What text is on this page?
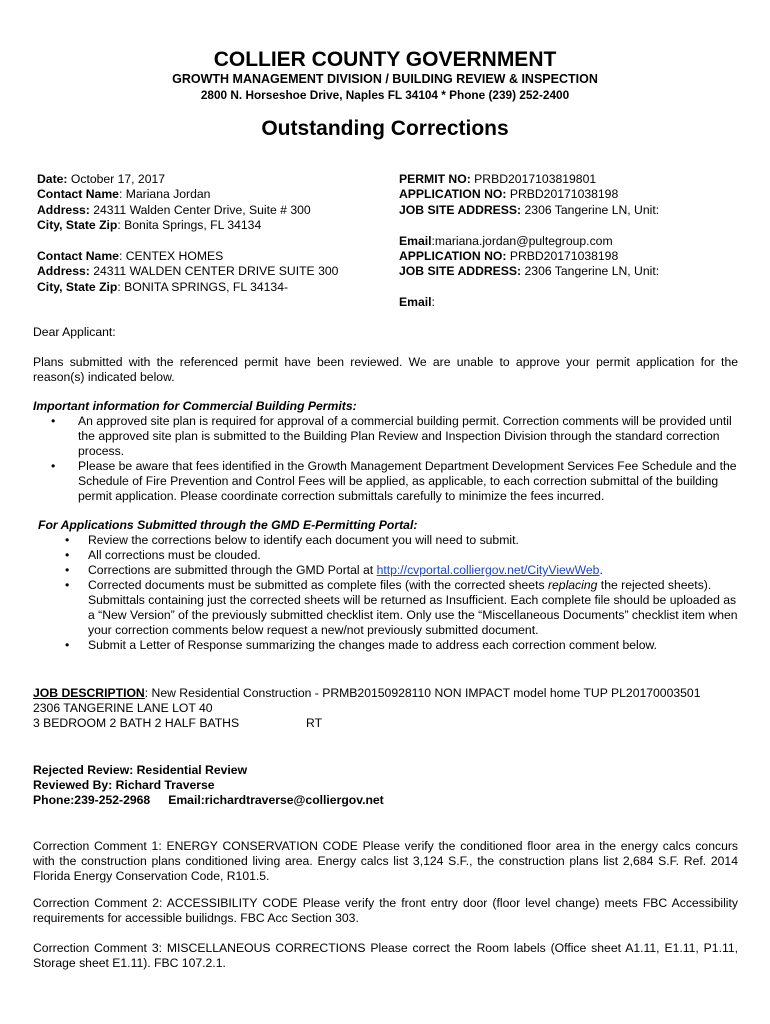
COLLIER COUNTY GOVERNMENT
GROWTH MANAGEMENT DIVISION / BUILDING REVIEW & INSPECTION
2800 N. Horseshoe Drive, Naples FL 34104 * Phone (239) 252-2400
Outstanding Corrections
Date: October 17, 2017
Contact Name: Mariana Jordan
Address: 24311 Walden Center Drive, Suite # 300
City, State Zip: Bonita Springs, FL 34134
Contact Name: CENTEX HOMES
Address: 24311 WALDEN CENTER DRIVE SUITE 300
City, State Zip: BONITA SPRINGS, FL 34134-
PERMIT NO: PRBD2017103819801
APPLICATION NO: PRBD20171038198
JOB SITE ADDRESS: 2306 Tangerine LN, Unit:
Email:mariana.jordan@pultegroup.com
APPLICATION NO: PRBD20171038198
JOB SITE ADDRESS: 2306 Tangerine LN, Unit:
Email:
Dear Applicant:
Plans submitted with the referenced permit have been reviewed. We are unable to approve your permit application for the reason(s) indicated below.
Important information for Commercial Building Permits:
• An approved site plan is required for approval of a commercial building permit. Correction comments will be provided until the approved site plan is submitted to the Building Plan Review and Inspection Division through the standard correction process.
• Please be aware that fees identified in the Growth Management Department Development Services Fee Schedule and the Schedule of Fire Prevention and Control Fees will be applied, as applicable, to each correction submittal of the building permit application. Please coordinate correction submittals carefully to minimize the fees incurred.
For Applications Submitted through the GMD E-Permitting Portal:
• Review the corrections below to identify each document you will need to submit.
• All corrections must be clouded.
• Corrections are submitted through the GMD Portal at http://cvportal.colliergov.net/CityViewWeb.
• Corrected documents must be submitted as complete files (with the corrected sheets replacing the rejected sheets). Submittals containing just the corrected sheets will be returned as Insufficient. Each complete file should be uploaded as a “New Version” of the previously submitted checklist item. Only use the “Miscellaneous Documents” checklist item when your correction comments below request a new/not previously submitted document.
• Submit a Letter of Response summarizing the changes made to address each correction comment below.
JOB DESCRIPTION: New Residential Construction - PRMB20150928110 NON IMPACT model home TUP PL20170003501
2306 TANGERINE LANE LOT 40
3 BEDROOM 2 BATH 2 HALF BATHS	RT
Rejected Review: Residential Review
Reviewed By: Richard Traverse
Phone:239-252-2968 Email:richardtraverse@colliergov.net
Correction Comment 1: ENERGY CONSERVATION CODE Please verify the conditioned floor area in the energy calcs concurs with the construction plans conditioned living area. Energy calcs list 3,124 S.F., the construction plans list 2,684 S.F. Ref. 2014 Florida Energy Conservation Code, R101.5.
Correction Comment 2: ACCESSIBILITY CODE Please verify the front entry door (floor level change) meets FBC Accessibility requirements for accessible builidngs. FBC Acc Section 303.
Correction Comment 3: MISCELLANEOUS CORRECTIONS Please correct the Room labels (Office sheet A1.11, E1.11, P1.11, Storage sheet E1.11). FBC 107.2.1.
